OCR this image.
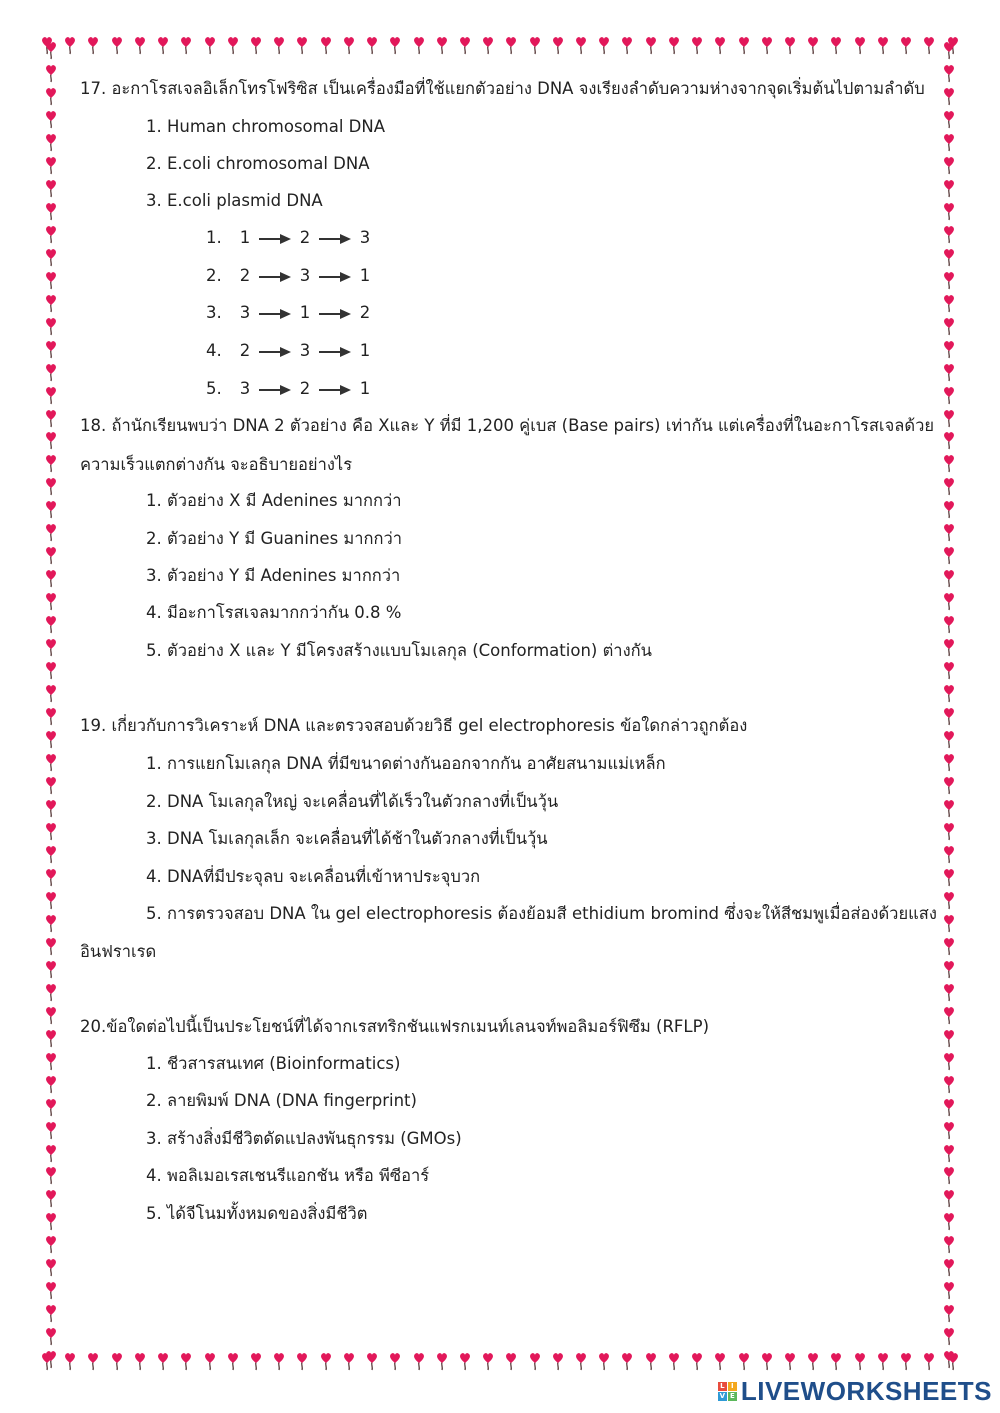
17. อะกาโรสเจลอิเล็กโทรโฟริซิส เป็นเครื่องมือที่ใช้แยกตัวอย่าง DNA จงเรียงลำดับความห่างจากจุดเริ่มต้นไปตามลำดับ
1. Human chromosomal DNA
2. E.coli chromosomal DNA
3. E.coli plasmid DNA
1. 1	2	3
2. 2	3	1
3. 3	1	2
4. 2	3	1
5. 3	2	1
18. ถ้านักเรียนพบว่า DNA 2 ตัวอย่าง คือ Xและ Y ที่มี 1,200 คู่เบส (Base pairs) เท่ากัน แต่เครื่องที่ในอะกาโรสเจลด้วย
ความเร็วแตกต่างกัน จะอธิบายอย่างไร
1. ตัวอย่าง X มี Adenines มากกว่า
2. ตัวอย่าง Y มี Guanines มากกว่า
3. ตัวอย่าง Y มี Adenines มากกว่า
4. มีอะกาโรสเจลมากกว่ากัน 0.8 %
5. ตัวอย่าง X และ Y มีโครงสร้างแบบโมเลกุล (Conformation) ต่างกัน
19. เกี่ยวกับการวิเคราะห์ DNA และตรวจสอบด้วยวิธี gel electrophoresis ข้อใดกล่าวถูกต้อง
1. การแยกโมเลกุล DNA ที่มีขนาดต่างกันออกจากกัน อาศัยสนามแม่เหล็ก
2. DNA โมเลกุลใหญ่ จะเคลื่อนที่ได้เร็วในตัวกลางที่เป็นวุ้น
3. DNA โมเลกุลเล็ก จะเคลื่อนที่ได้ช้าในตัวกลางที่เป็นวุ้น
4. DNAที่มีประจุลบ จะเคลื่อนที่เข้าหาประจุบวก
5. การตรวจสอบ DNA ใน gel electrophoresis ต้องย้อมสี ethidium bromind ซึ่งจะให้สีชมพูเมื่อส่องด้วยแสง
อินฟราเรด
20.ข้อใดต่อไปนี้เป็นประโยชน์ที่ได้จากเรสทริกชันแฟรกเมนท์เลนจท์พอลิมอร์ฟิซึม (RFLP)
1. ชีวสารสนเทศ (Bioinformatics)
2. ลายพิมพ์ DNA (DNA fingerprint)
3. สร้างสิ่งมีชีวิตดัดแปลงพันธุกรรม (GMOs)
4. พอลิเมอเรสเชนรีแอกชัน หรือ พีซีอาร์
5. ได้จีโนมทั้งหมดของสิ่งมีชีวิต
L I
V E LIVEWORKSHEETS
